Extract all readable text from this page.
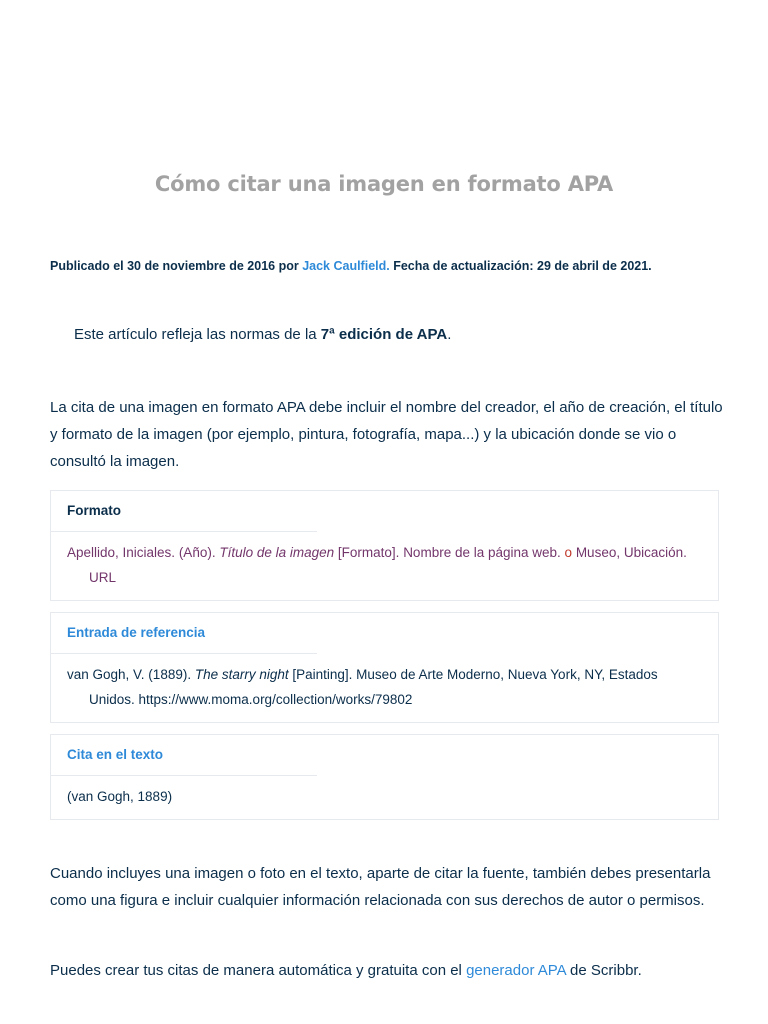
Cómo citar una imagen en formato APA
Publicado el 30 de noviembre de 2016 por Jack Caulfield. Fecha de actualización: 29 de abril de 2021.
Este artículo refleja las normas de la 7ª edición de APA.

La cita de una imagen en formato APA debe incluir el nombre del creador, el año de creación, el título y formato de la imagen (por ejemplo, pintura, fotografía, mapa...) y la ubicación donde se vio o consultó la imagen.

Formato
Apellido, Iniciales. (Año). Título de la imagen [Formato]. Nombre de la página web. o Museo, Ubicación. URL
Entrada de referencia
van Gogh, V. (1889). The starry night [Painting]. Museo de Arte Moderno, Nueva York, NY, Estados Unidos. https://www.moma.org/collection/works/79802
Cita en el texto
(van Gogh, 1889)

Cuando incluyes una imagen o foto en el texto, aparte de citar la fuente, también debes presentarla como una figura e incluir cualquier información relacionada con sus derechos de autor o permisos.

Puedes crear tus citas de manera automática y gratuita con el generador APA de Scribbr.
